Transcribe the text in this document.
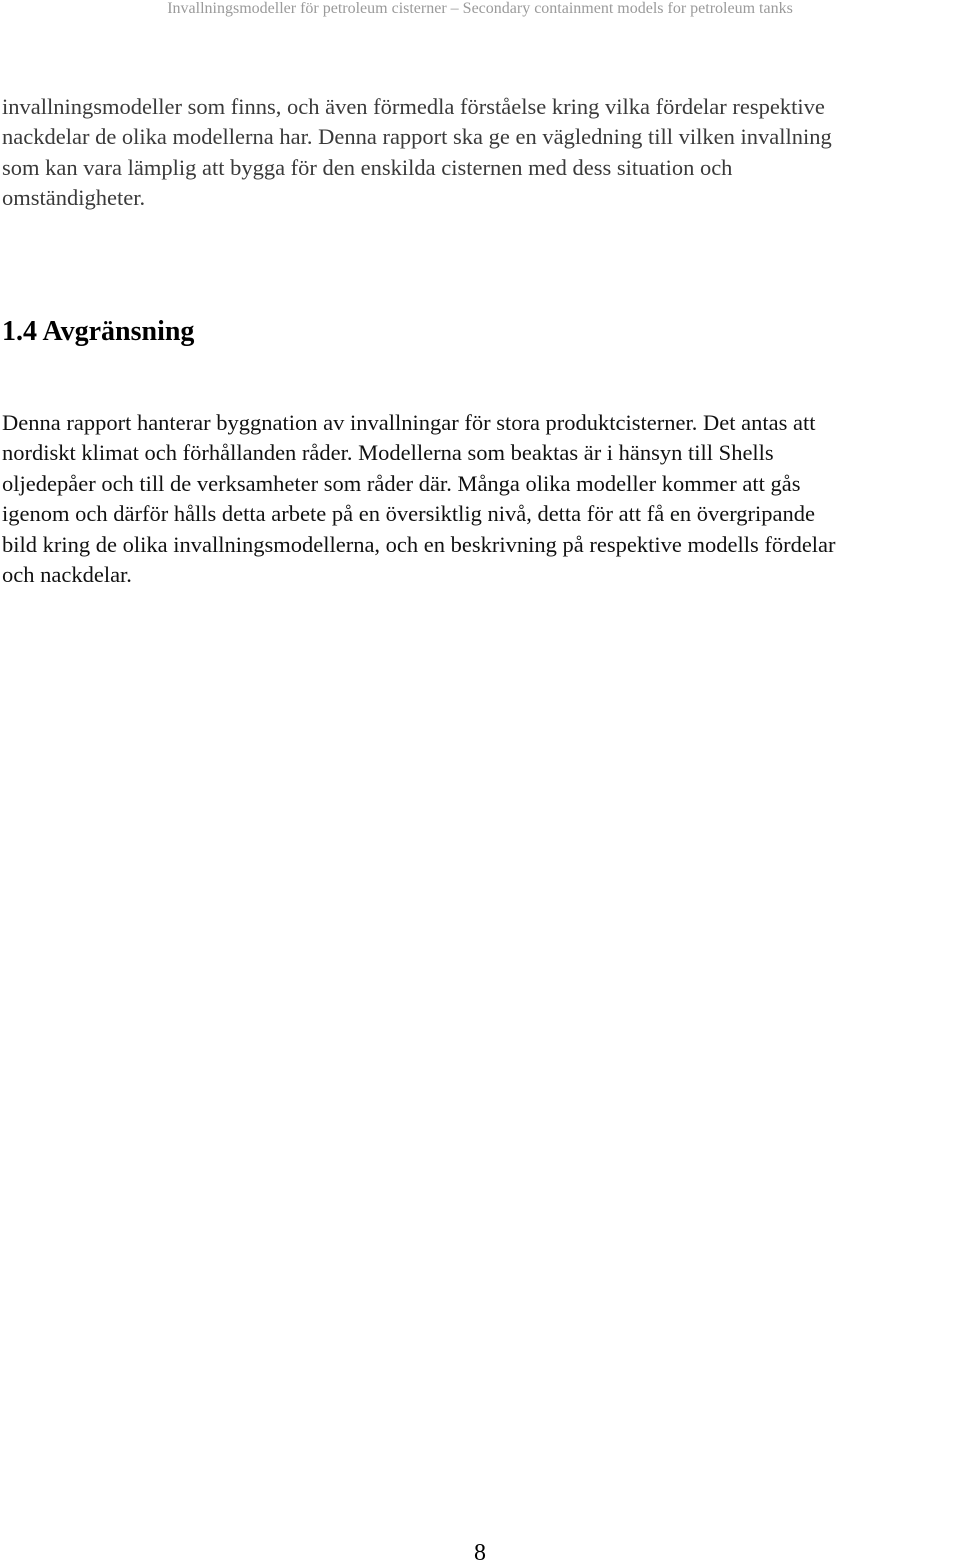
Invallningsmodeller för petroleum cisterner – Secondary containment models for petroleum tanks

invallningsmodeller som finns, och även förmedla förståelse kring vilka fördelar respektive
nackdelar de olika modellerna har. Denna rapport ska ge en vägledning till vilken invallning
som kan vara lämplig att bygga för den enskilda cisternen med dess situation och
omständigheter.

1.4 Avgränsning

Denna rapport hanterar byggnation av invallningar för stora produktcisterner. Det antas att
nordiskt klimat och förhållanden råder. Modellerna som beaktas är i hänsyn till Shells
oljedepåer och till de verksamheter som råder där. Många olika modeller kommer att gås
igenom och därför hålls detta arbete på en översiktlig nivå, detta för att få en övergripande
bild kring de olika invallningsmodellerna, och en beskrivning på respektive modells fördelar
och nackdelar.

8
